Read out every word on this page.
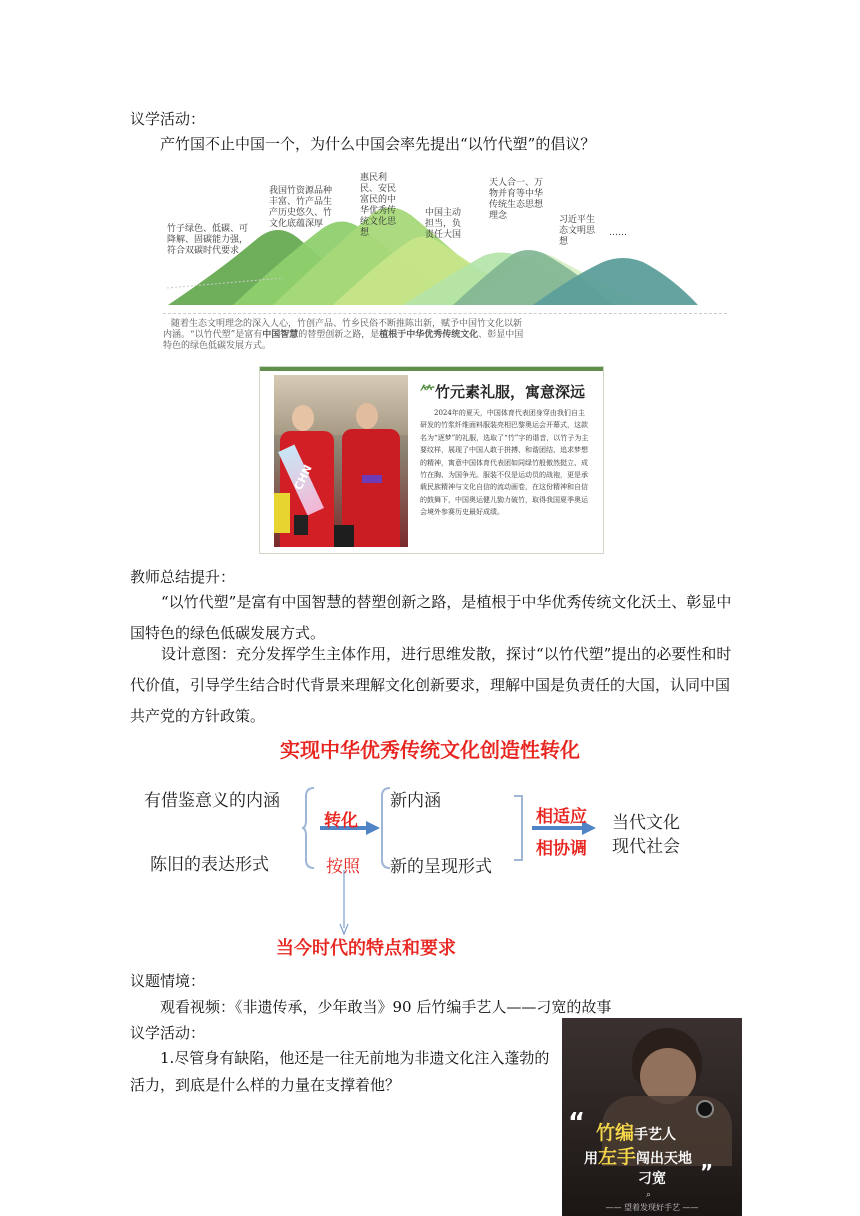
议学活动：
产竹国不止中国一个，为什么中国会率先提出“以竹代塑”的倡议？
竹子绿色、低碳、可降解、固碳能力强，符合双碳时代要求
我国竹资源品种丰富、竹产品生产历史悠久、竹文化底蕴深厚
惠民利民、安民富民的中华优秀传统文化思想
中国主动担当，负责任大国
天人合一、万物并育等中华传统生态思想理念	习近平生态文明思想
……
随着生态文明理念的深入人心，竹创产品、竹乡民俗不断推陈出新，赋予中国竹文化以新
内涵。“以竹代塑”是富有中国智慧的替塑创新之路，是植根于中华优秀传统文化、彰显中国
特色的绿色低碳发展方式。
CHN
⺮竹元素礼服，寓意深远
2024年的夏天，中国体育代表团身穿由我们自主研发的竹浆纤维面料服装亮相巴黎奥运会开幕式，这款名为“逐梦”的礼服，选取了“竹”字的谐音，以竹子为主要纹样，展现了中国人敢于拼搏、和谐团结、追求梦想的精神，寓意中国体育代表团如同绿竹般傲然挺立、成竹在胸、为国争光。服装不仅是运动员的战袍，更是承载民族精神与文化自信的流动画卷，在这份精神和自信的鼓舞下，中国奥运健儿勠力破竹，取得我国夏季奥运会境外参赛历史最好成绩。
教师总结提升：
“以竹代塑”是富有中国智慧的替塑创新之路，是植根于中华优秀传统文化沃土、彰显中国特色的绿色低碳发展方式。
设计意图：充分发挥学生主体作用，进行思维发散，探讨“以竹代塑”提出的必要性和时代价值，引导学生结合时代背景来理解文化创新要求，理解中国是负责任的大国，认同中国共产党的方针政策。
实现中华优秀传统文化创造性转化
有借鉴意义的内涵
陈旧的表达形式
转化
按照
新内涵
新的呈现形式
相适应
相协调
当代文化
现代社会
当今时代的特点和要求
议题情境：
观看视频：《非遗传承，少年敢当》90 后竹编手艺人——刁宽的故事
议学活动：
1.尽管身有缺陷，他还是一往无前地为非遗文化注入蓬勃的
活力，到底是什么样的力量在支撑着他？
“ 竹编手艺人
用左手闯出天地
刁宽 ”
⌕
—— 望着发现好手艺 ——
